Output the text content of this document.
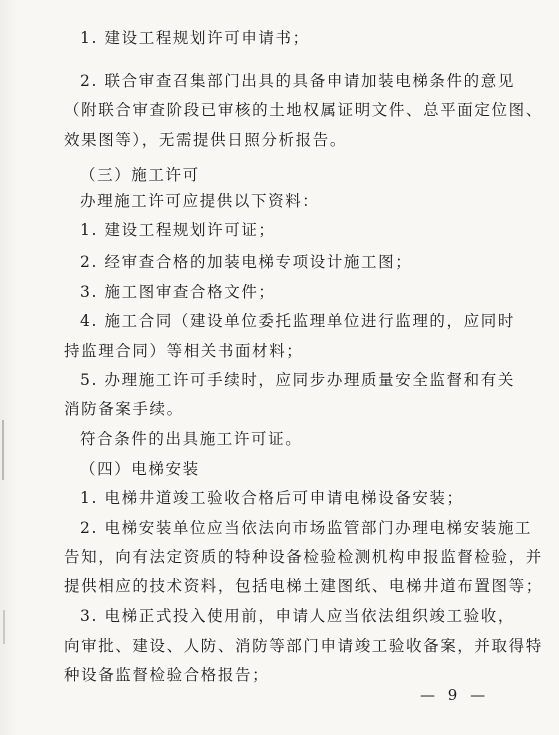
1. 建设工程规划许可申请书；
2. 联合审查召集部门出具的具备申请加装电梯条件的意见
（附联合审查阶段已审核的土地权属证明文件、总平面定位图、
效果图等），无需提供日照分析报告。
（三）施工许可
办理施工许可应提供以下资料：
1. 建设工程规划许可证；
2. 经审查合格的加装电梯专项设计施工图；
3. 施工图审查合格文件；
4. 施工合同（建设单位委托监理单位进行监理的，应同时
持监理合同）等相关书面材料；
5. 办理施工许可手续时，应同步办理质量安全监督和有关
消防备案手续。
符合条件的出具施工许可证。
（四）电梯安装
1. 电梯井道竣工验收合格后可申请电梯设备安装；
2. 电梯安装单位应当依法向市场监管部门办理电梯安装施工
告知，向有法定资质的特种设备检验检测机构申报监督检验，并
提供相应的技术资料，包括电梯土建图纸、电梯井道布置图等；
3. 电梯正式投入使用前，申请人应当依法组织竣工验收，
向审批、建设、人防、消防等部门申请竣工验收备案，并取得特
种设备监督检验合格报告；
— 9 —
